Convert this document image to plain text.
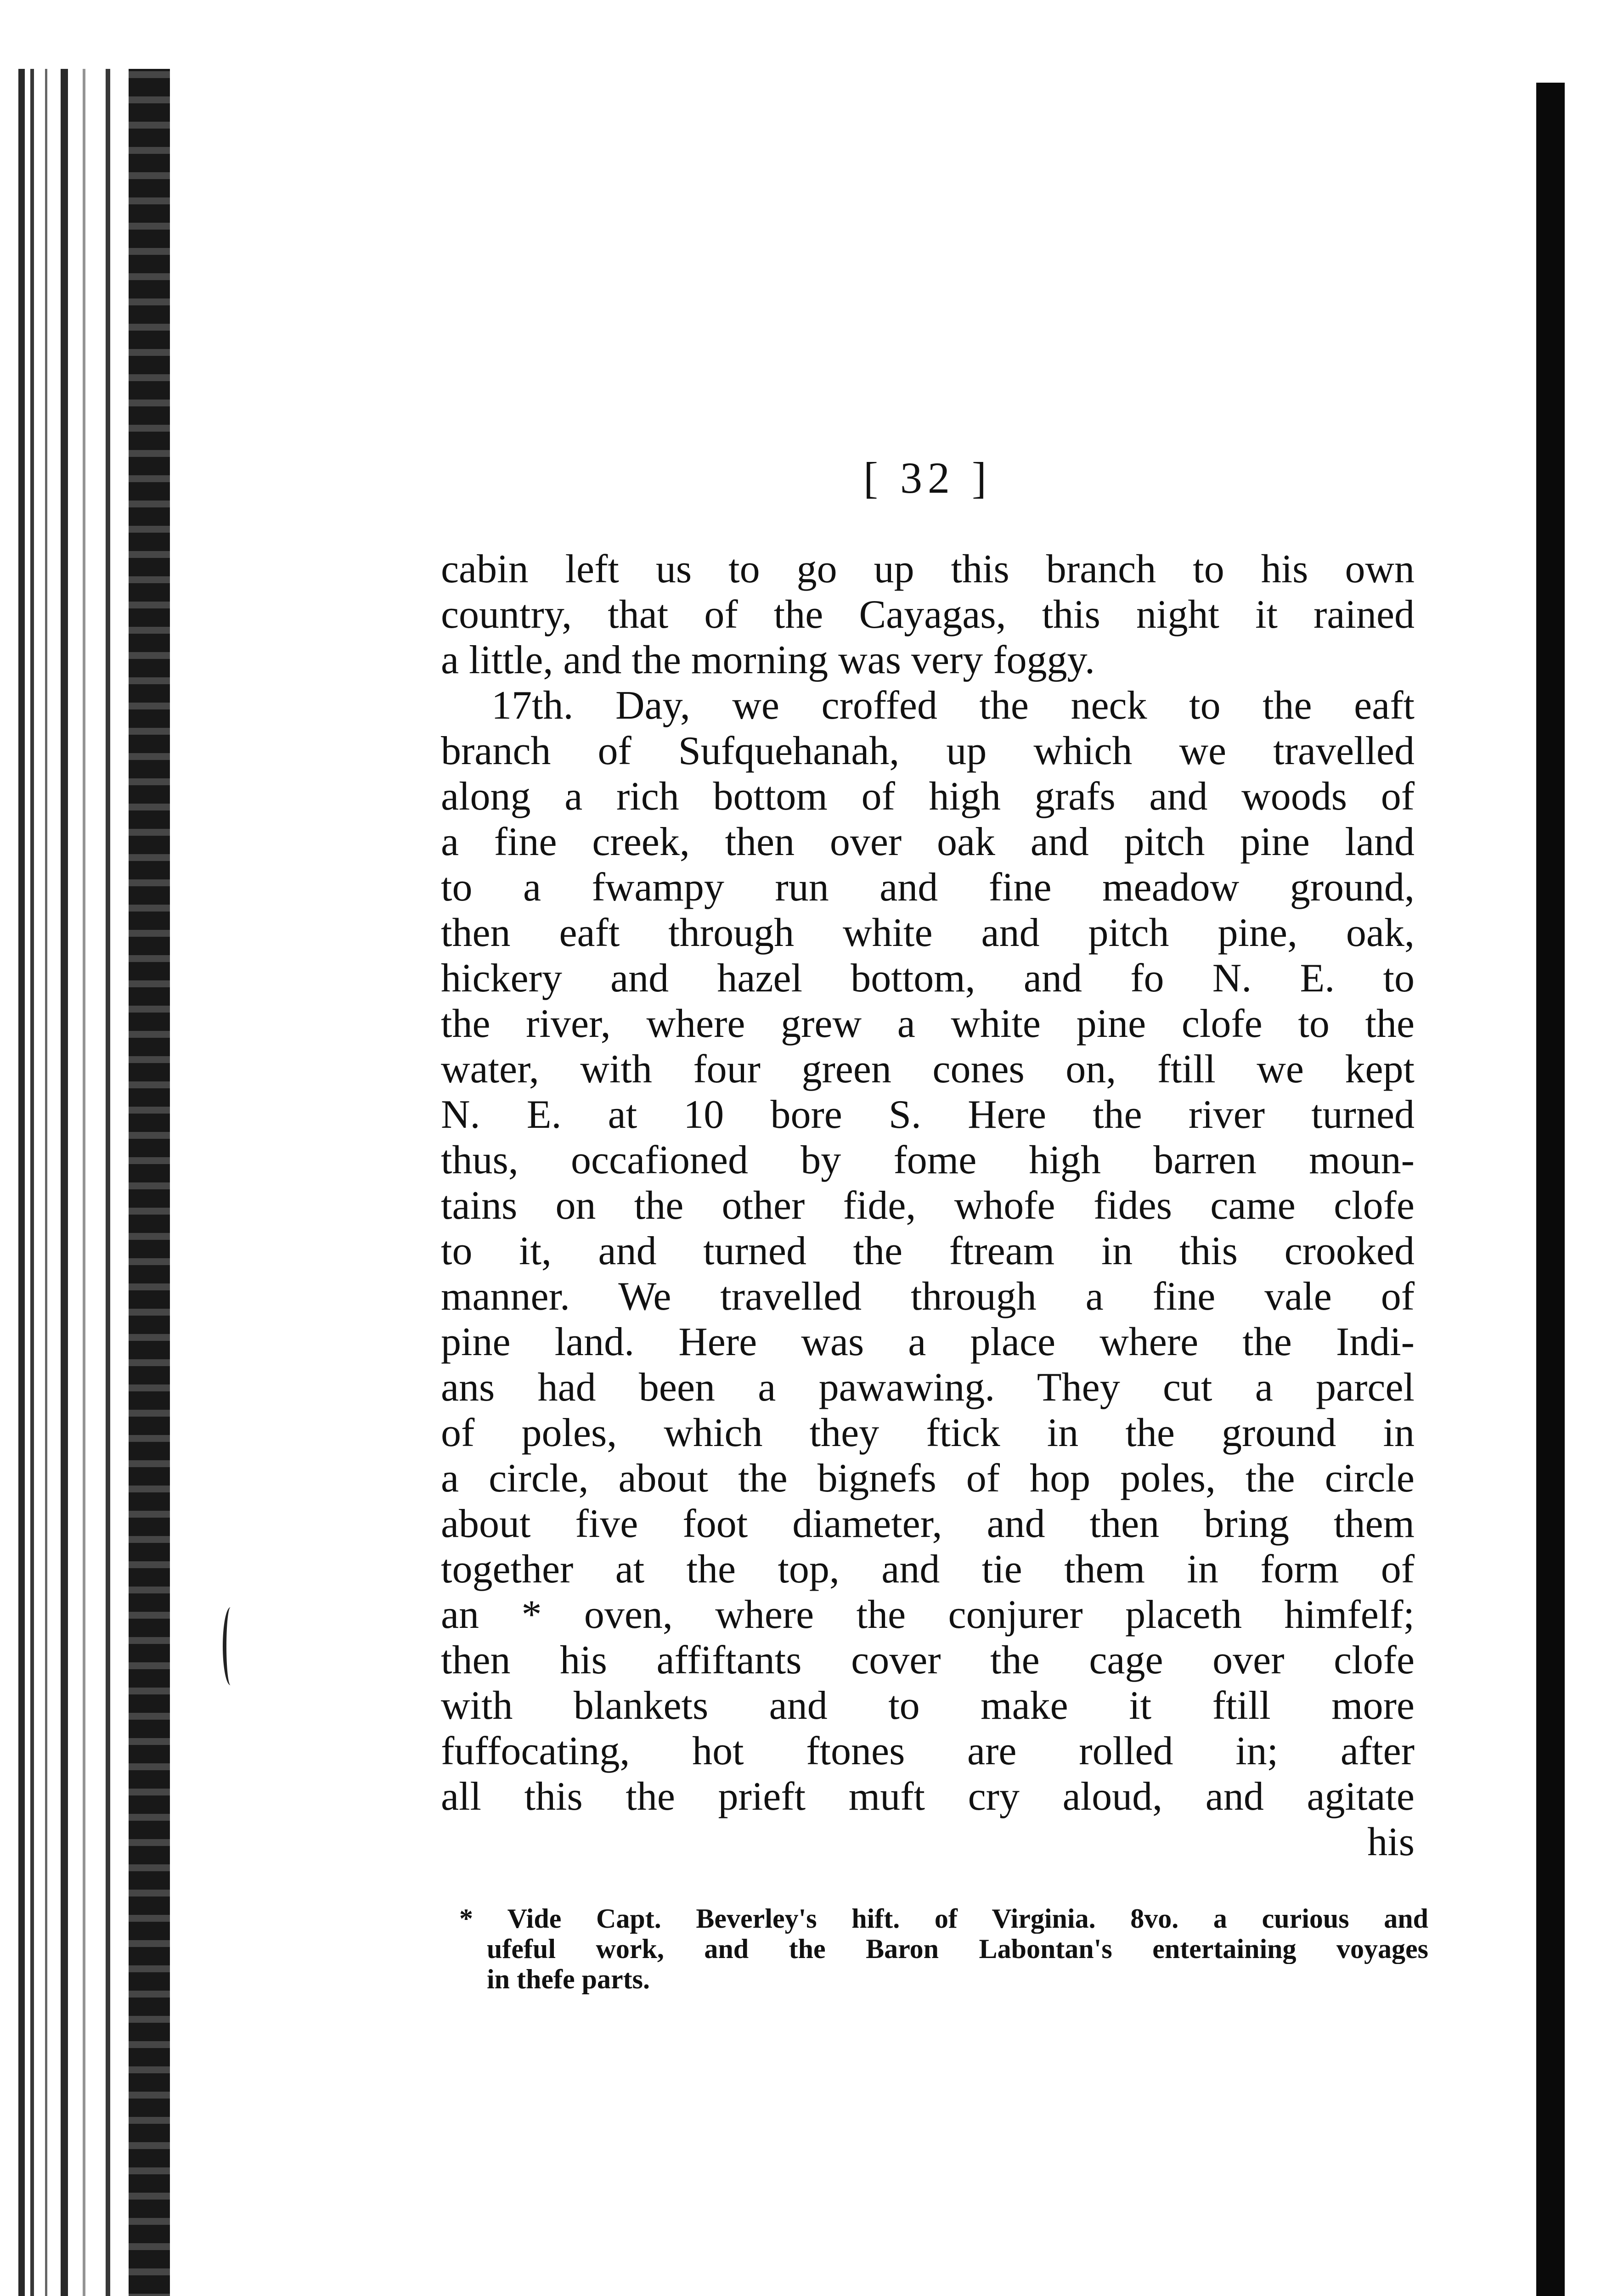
[ 32 ]
cabin left us to go up this branch to his own
country, that of the Cayagas, this night it rained
a little, and the morning was very foggy.
17th. Day, we croffed the neck to the eaft
branch of Sufquehanah, up which we travelled
along a rich bottom of high grafs and woods of
a fine creek, then over oak and pitch pine land
to a fwampy run and fine meadow ground,
then eaft through white and pitch pine, oak,
hickery and hazel bottom, and fo N. E. to
the river, where grew a white pine clofe to the
water, with four green cones on, ftill we kept
N. E. at 10 bore S. Here the river turned
thus, occafioned by fome high barren moun-
tains on the other fide, whofe fides came clofe
to it, and turned the ftream in this crooked
manner. We travelled through a fine vale of
pine land. Here was a place where the Indi-
ans had been a pawawing. They cut a parcel
of poles, which they ftick in the ground in
a circle, about the bignefs of hop poles, the circle
about five foot diameter, and then bring them
together at the top, and tie them in form of
an * oven, where the conjurer placeth himfelf;
then his affiftants cover the cage over clofe
with blankets and to make it ftill more
fuffocating, hot ftones are rolled in; after
all this the prieft muft cry aloud, and agitate
his
* Vide Capt. Beverley's hift. of Virginia. 8vo. a curious and
ufeful work, and the Baron Labontan's entertaining voyages
in thefe parts.
